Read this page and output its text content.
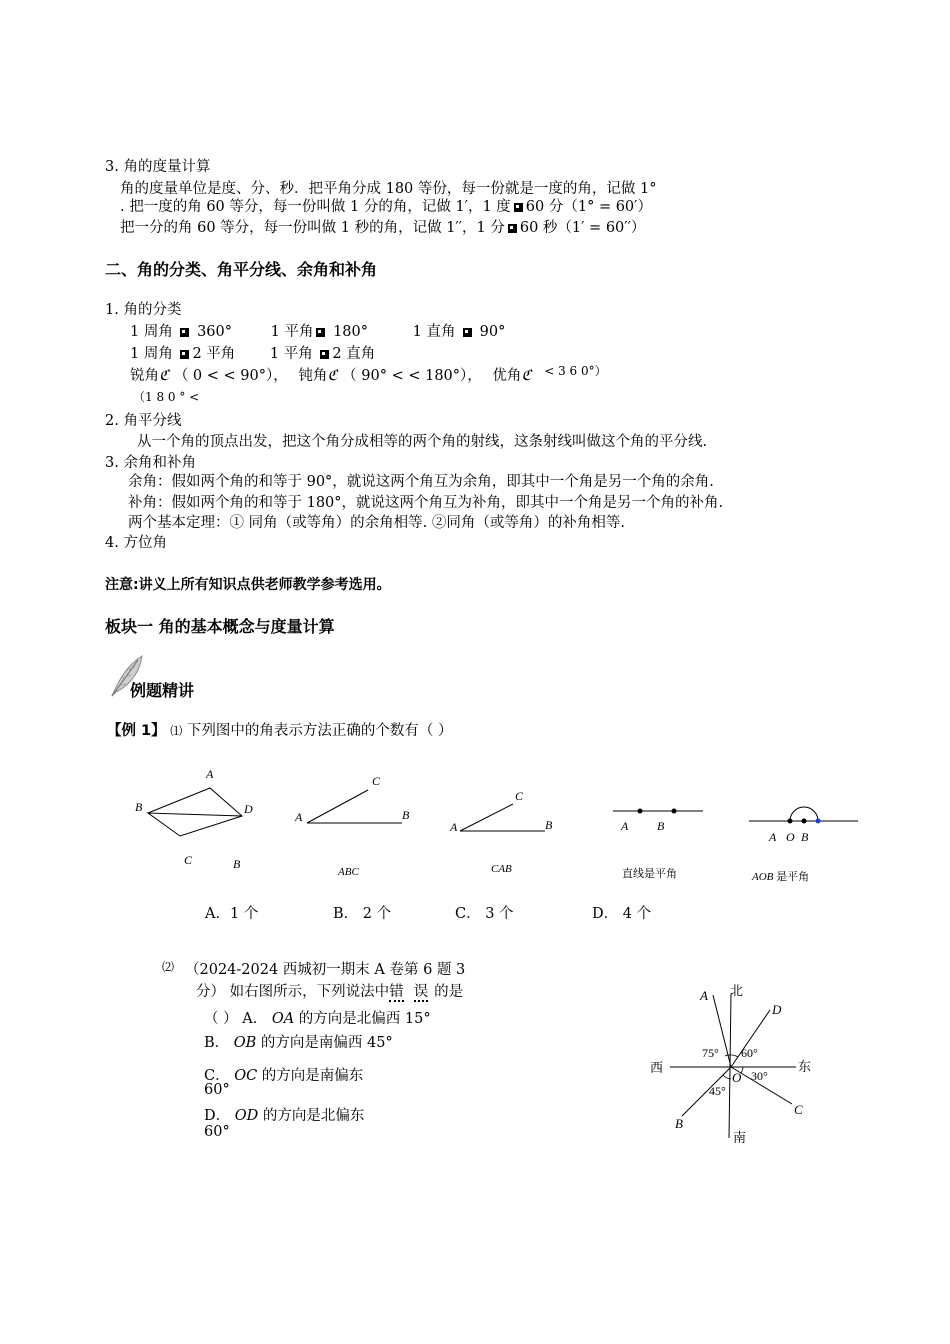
3. 角的度量计算
角的度量单位是度、分、秒．把平角分成 180 等份，每一份就是一度的角，记做 1°
. 把一度的角 60 等分，每一份叫做 1 分的角，记做 1′，1 度 60 分（1° = 60′）
把一分的角 60 等分，每一份叫做 1 秒的角，记做 1′′，1 分 60 秒（1′ = 60′′）
二、角的分类、角平分线、余角和补角
1. 角的分类
1 周角 360°	1 平角 180°	1 直角 90°
1 周角 2 平角 1 平角 2 直角
锐角ℭ （ 0 < < 90°）， 钝角ℭ （ 90° < < 180°）， 优角ℭ $^{< 3 6 0^\circ)}$
（1 8 0 ° <
2. 角平分线
从一个角的顶点出发，把这个角分成相等的两个角的射线，这条射线叫做这个角的平分线.
3. 余角和补角
余角：假如两个角的和等于 90°，就说这两个角互为余角，即其中一个角是另一个角的余角.
补角：假如两个角的和等于 180°，就说这两个角互为补角，即其中一个角是另一个角的补角.
两个基本定理：① 同角（或等角）的余角相等. ②同角（或等角）的补角相等.
4. 方位角
注意:讲义上所有知识点供老师教学参考选用。
板块一 角的基本概念与度量计算
例题精讲
【例 1】 ⑴ 下列图中的角表示方法正确的个数有（ ）
A
B	D
C	B
C
A	B
ABC
C
A	B
CAB
A B
直线是平角
A O B
AOB 是平角
A．1 个	B． 2 个	C． 3 个	D． 4 个
⑵ （2024-2024 西城初一期末 A 卷第 6 题 3
分） 如右图所示，下列说法中错 误 的是
（ ） A． OA 的方向是北偏西 15°
B． OB 的方向是南偏西 45°
C． OC 的方向是南偏东
60°
D． OD 的方向是北偏东
60°
北
南
西	东
A
D
C
B
O
75° 60°
30°
45°
